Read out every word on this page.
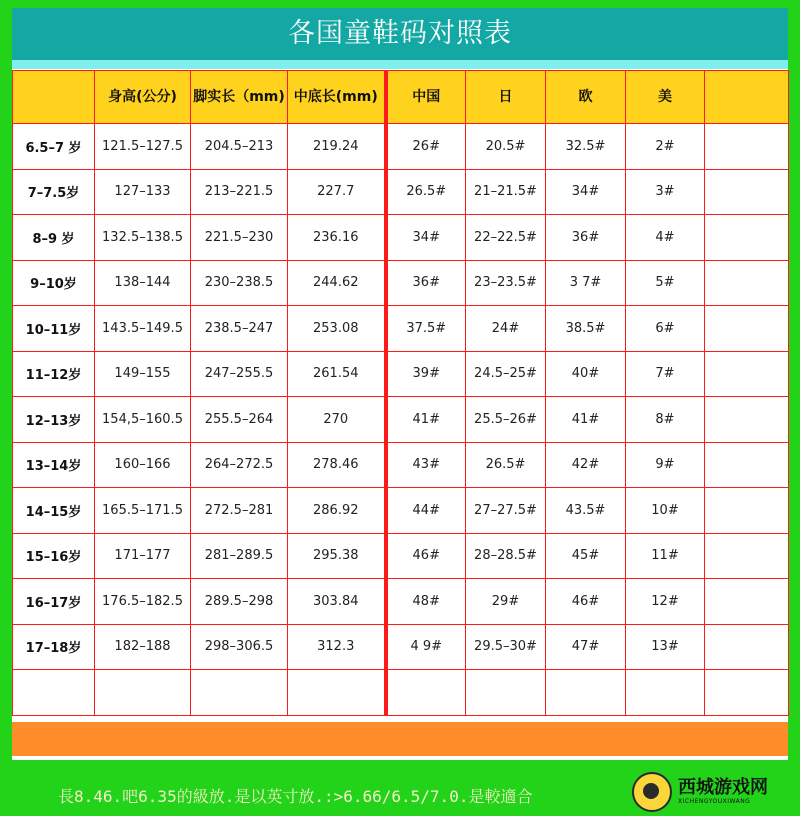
各国童鞋码对照表
	身高(公分)	脚实长（mm)	中底长(mm)	中国	日	欧	美	
6.5–7 岁	121.5–127.5	204.5–213	219.24	26#	20.5#	32.5#	2#	
7–7.5岁	127–133	213–221.5	227.7	26.5#	21–21.5#	34#	3#	
8–9 岁	132.5–138.5	221.5–230	236.16	34#	22–22.5#	36#	4#	
9–10岁	138–144	230–238.5	244.62	36#	23–23.5#	3 7#	5#	
10–11岁	143.5–149.5	238.5–247	253.08	37.5#	24#	38.5#	6#	
11–12岁	149–155	247–255.5	261.54	39#	24.5–25#	40#	7#	
12–13岁	154,5–160.5	255.5–264	270	41#	25.5–26#	41#	8#	
13–14岁	160–166	264–272.5	278.46	43#	26.5#	42#	9#	
14–15岁	165.5–171.5	272.5–281	286.92	44#	27–27.5#	43.5#	10#	
15–16岁	171–177	281–289.5	295.38	46#	28–28.5#	45#	11#	
16–17岁	176.5–182.5	289.5–298	303.84	48#	29#	46#	12#	
17–18岁	182–188	298–306.5	312.3	4 9#	29.5–30#	47#	13#	

長8.46.吧6.35的級放.是以英寸放.:>6.66/6.5/7.0.是較適合	西城游戏网
XICHENGYOUXIWANG
